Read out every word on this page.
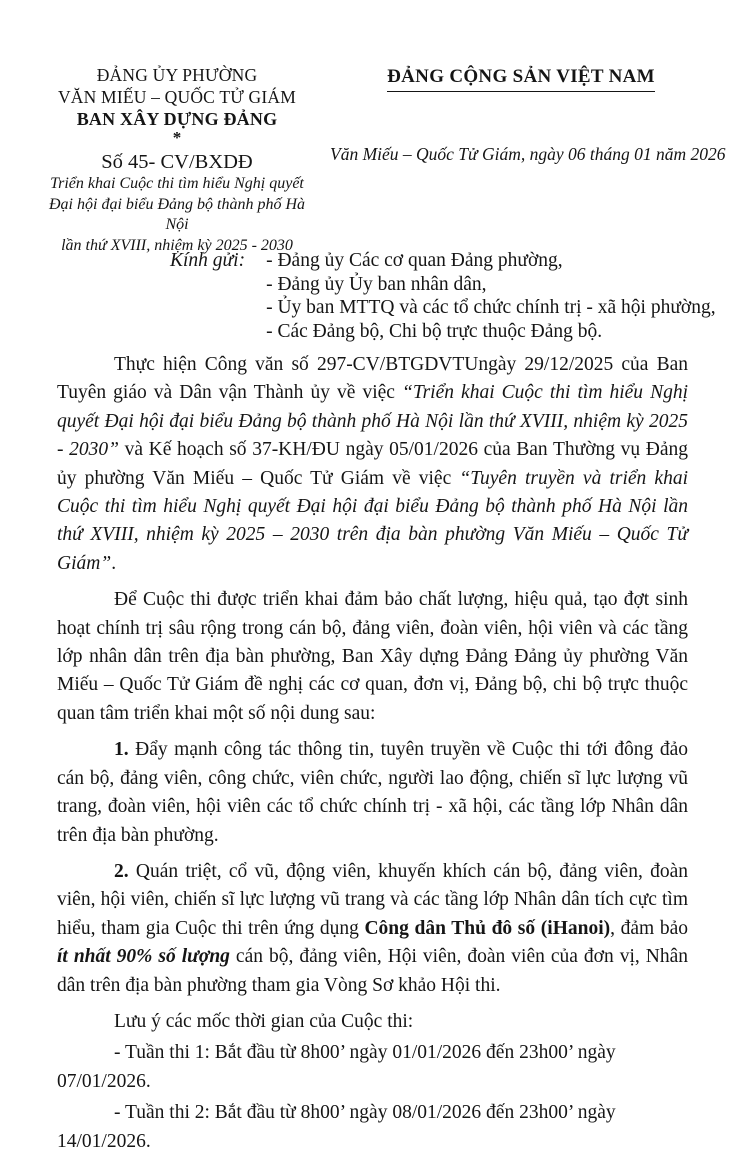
ĐẢNG ỦY PHƯỜNG
VĂN MIẾU – QUỐC TỬ GIÁM
BAN XÂY DỰNG ĐẢNG
*
Số 45- CV/BXDĐ
Triển khai Cuộc thi tìm hiểu Nghị quyết
Đại hội đại biểu Đảng bộ thành phố Hà Nội
lần thứ XVIII, nhiệm kỳ 2025 - 2030
ĐẢNG CỘNG SẢN VIỆT NAM
Văn Miếu – Quốc Tử Giám, ngày 06 tháng 01 năm 2026
Kính gửi: - Đảng ủy Các cơ quan Đảng phường,
- Đảng ủy Ủy ban nhân dân,
- Ủy ban MTTQ và các tổ chức chính trị - xã hội phường,
- Các Đảng bộ, Chi bộ trực thuộc Đảng bộ.

Thực hiện Công văn số 297-CV/BTGDVTUngày 29/12/2025 của Ban Tuyên giáo và Dân vận Thành ủy về việc “Triển khai Cuộc thi tìm hiểu Nghị quyết Đại hội đại biểu Đảng bộ thành phố Hà Nội lần thứ XVIII, nhiệm kỳ 2025 - 2030” và Kế hoạch số 37-KH/ĐU ngày 05/01/2026 của Ban Thường vụ Đảng ủy phường Văn Miếu – Quốc Tử Giám về việc “Tuyên truyền và triển khai Cuộc thi tìm hiểu Nghị quyết Đại hội đại biểu Đảng bộ thành phố Hà Nội lần thứ XVIII, nhiệm kỳ 2025 – 2030 trên địa bàn phường Văn Miếu – Quốc Tử Giám”.

Để Cuộc thi được triển khai đảm bảo chất lượng, hiệu quả, tạo đợt sinh hoạt chính trị sâu rộng trong cán bộ, đảng viên, đoàn viên, hội viên và các tầng lớp nhân dân trên địa bàn phường, Ban Xây dựng Đảng Đảng ủy phường Văn Miếu – Quốc Tử Giám đề nghị các cơ quan, đơn vị, Đảng bộ, chi bộ trực thuộc quan tâm triển khai một số nội dung sau:

1. Đẩy mạnh công tác thông tin, tuyên truyền về Cuộc thi tới đông đảo cán bộ, đảng viên, công chức, viên chức, người lao động, chiến sĩ lực lượng vũ trang, đoàn viên, hội viên các tổ chức chính trị - xã hội, các tầng lớp Nhân dân trên địa bàn phường.

2. Quán triệt, cổ vũ, động viên, khuyến khích cán bộ, đảng viên, đoàn viên, hội viên, chiến sĩ lực lượng vũ trang và các tầng lớp Nhân dân tích cực tìm hiểu, tham gia Cuộc thi trên ứng dụng Công dân Thủ đô số (iHanoi), đảm bảo ít nhất 90% số lượng cán bộ, đảng viên, Hội viên, đoàn viên của đơn vị, Nhân dân trên địa bàn phường tham gia Vòng Sơ khảo Hội thi.

Lưu ý các mốc thời gian của Cuộc thi:

- Tuần thi 1: Bắt đầu từ 8h00’ ngày 01/01/2026 đến 23h00’ ngày 07/01/2026.

- Tuần thi 2: Bắt đầu từ 8h00’ ngày 08/01/2026 đến 23h00’ ngày 14/01/2026.
